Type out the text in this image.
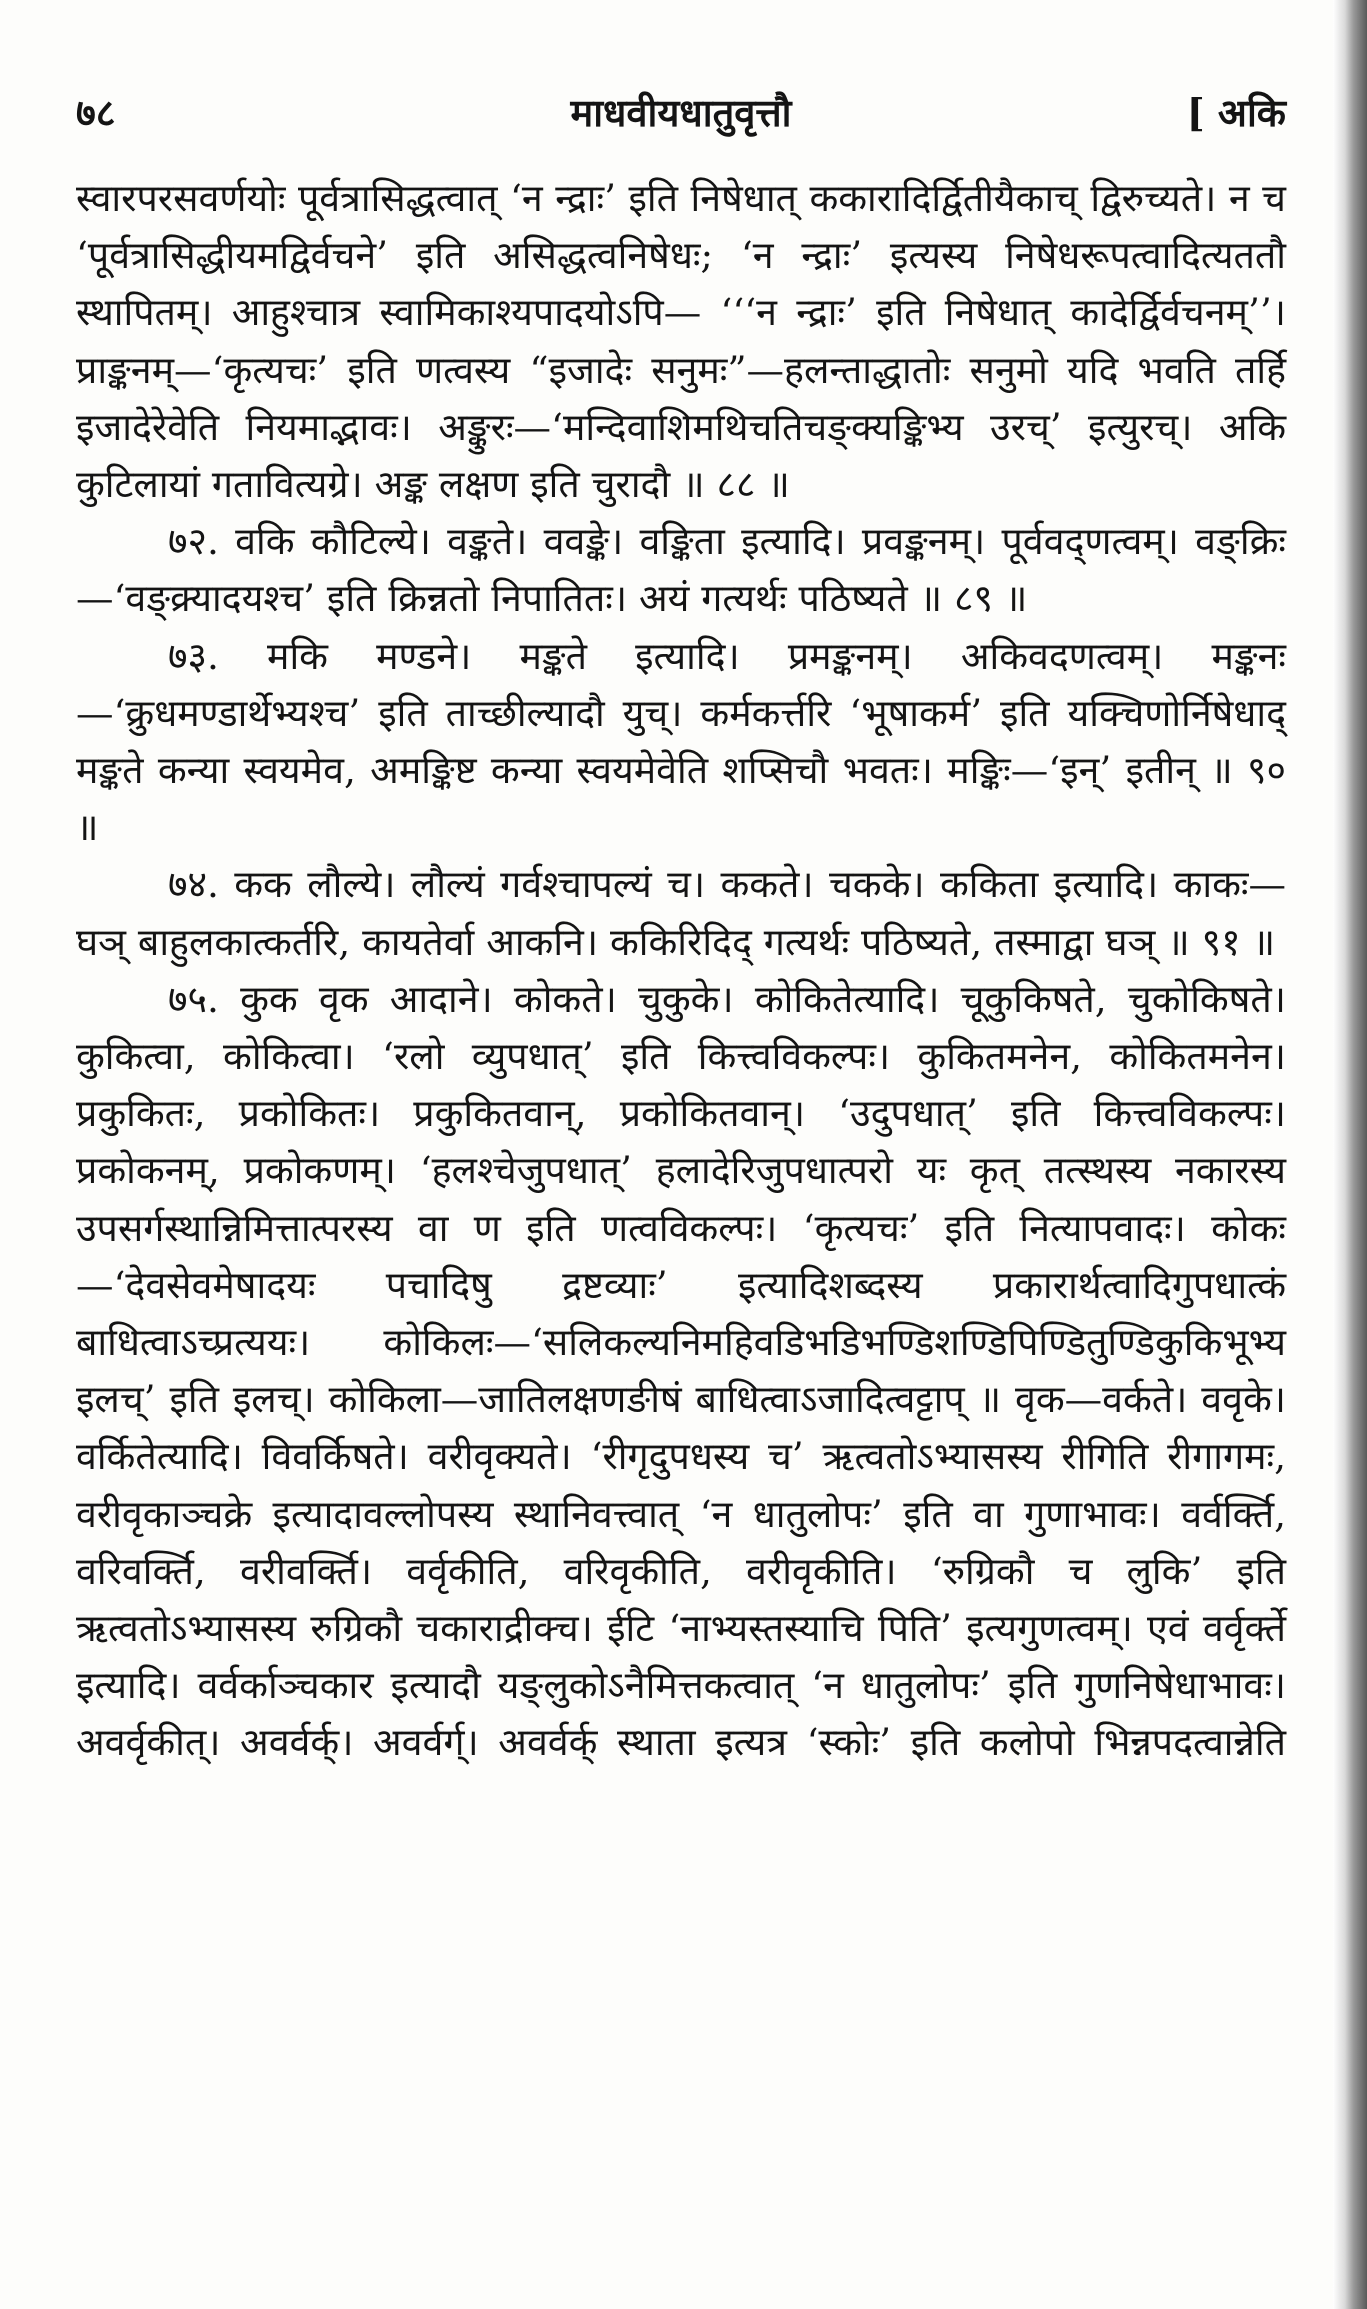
७८	माधवीयधातुवृत्तौ	[ अकि

स्वारपरसवर्णयोः पूर्वत्रासिद्धत्वात् ‘न न्द्राः’ इति निषेधात् ककारादिर्द्वितीयैकाच् द्विरुच्यते। न च ‘पूर्वत्रासिद्धीयमद्विर्वचने’ इति असिद्धत्वनिषेधः; ‘न न्द्राः’ इत्यस्य निषेधरूपत्वादित्यततौ स्थापितम्। आहुश्चात्र स्वामिकाश्यपादयोऽपि— ‘‘‘न न्द्राः’ इति निषेधात् कादेर्द्विर्वचनम्’’। प्राङ्कनम्—‘कृत्यचः’ इति णत्वस्य “इजादेः सनुमः”—हलन्ताद्धातोः सनुमो यदि भवति तर्हि इजादेरेवेति नियमाद्भावः। अङ्कुरः—‘मन्दिवाशिमथिचतिचङ्क्यङ्किभ्य उरच्’ इत्युरच्। अकि कुटिलायां गतावित्यग्रे। अङ्क लक्षण इति चुरादौ ॥ ८८ ॥

७२. वकि कौटिल्ये। वङ्कते। ववङ्के। वङ्किता इत्यादि। प्रवङ्कनम्। पूर्ववद्णत्वम्। वङ्क्रिः—‘वङ्क्र्यादयश्च’ इति क्रिन्नतो निपातितः। अयं गत्यर्थः पठिष्यते ॥ ८९ ॥

७३. मकि मण्डने। मङ्कते इत्यादि। प्रमङ्कनम्। अकिवदणत्वम्। मङ्कनः—‘क्रुधमण्डार्थेभ्यश्च’ इति ताच्छील्यादौ युच्। कर्मकर्त्तरि ‘भूषाकर्म’ इति यक्चिणोर्निषेधाद् मङ्कते कन्या स्वयमेव, अमङ्किष्ट कन्या स्वयमेवेति शप्सिचौ भवतः। मङ्किः—‘इन्’ इतीन् ॥ ९० ॥

७४. कक लौल्ये। लौल्यं गर्वश्चापल्यं च। ककते। चकके। ककिता इत्यादि। काकः—घञ् बाहुलकात्कर्तरि, कायतेर्वा आकनि। ककिरिदिद् गत्यर्थः पठिष्यते, तस्माद्वा घञ् ॥ ९१ ॥

७५. कुक वृक आदाने। कोकते। चुकुके। कोकितेत्यादि। चूकुकिषते, चुकोकिषते। कुकित्वा, कोकित्वा। ‘रलो व्युपधात्’ इति कित्त्वविकल्पः। कुकितमनेन, कोकितमनेन। प्रकुकितः, प्रकोकितः। प्रकुकितवान्, प्रकोकितवान्। ‘उदुपधात्’ इति कित्त्वविकल्पः। प्रकोकनम्, प्रकोकणम्। ‘हलश्चेजुपधात्’ हलादेरिजुपधात्परो यः कृत् तत्स्थस्य नकारस्य उपसर्गस्थान्निमित्तात्परस्य वा ण इति णत्वविकल्पः। ‘कृत्यचः’ इति नित्यापवादः। कोकः—‘देवसेवमेषादयः पचादिषु द्रष्टव्याः’ इत्यादिशब्दस्य प्रकारार्थत्वादिगुपधात्कं बाधित्वाऽच्प्रत्ययः। कोकिलः—‘सलिकल्यनिमहिवडिभडिभण्डिशण्डिपिण्डितुण्डिकुकिभूभ्य इलच्’ इति इलच्। कोकिला—जातिलक्षणङीषं बाधित्वाऽजादित्वट्टाप् ॥ वृक—वर्कते। ववृके। वर्कितेत्यादि। विवर्किषते। वरीवृक्यते। ‘रीगृदुपधस्य च’ ऋत्वतोऽभ्यासस्य रीगिति रीगागमः, वरीवृकाञ्चक्रे इत्यादावल्लोपस्य स्थानिवत्त्वात् ‘न धातुलोपः’ इति वा गुणाभावः। वर्वर्क्ति, वरिवर्क्ति, वरीवर्क्ति। वर्वृकीति, वरिवृकीति, वरीवृकीति। ‘रुग्रिकौ च लुकि’ इति ऋत्वतोऽभ्यासस्य रुग्रिकौ चकाराद्रीक्च। ईटि ‘नाभ्यस्तस्याचि पिति’ इत्यगुणत्वम्। एवं वर्वृर्क्ते इत्यादि। वर्वर्काञ्चकार इत्यादौ यङ्लुकोऽनैमित्तकत्वात् ‘न धातुलोपः’ इति गुणनिषेधाभावः। अवर्वृकीत्। अवर्वर्क्। अवर्वर्ग्। अवर्वर्क् स्थाता इत्यत्र ‘स्कोः’ इति कलोपो भिन्नपदत्वान्नेति
